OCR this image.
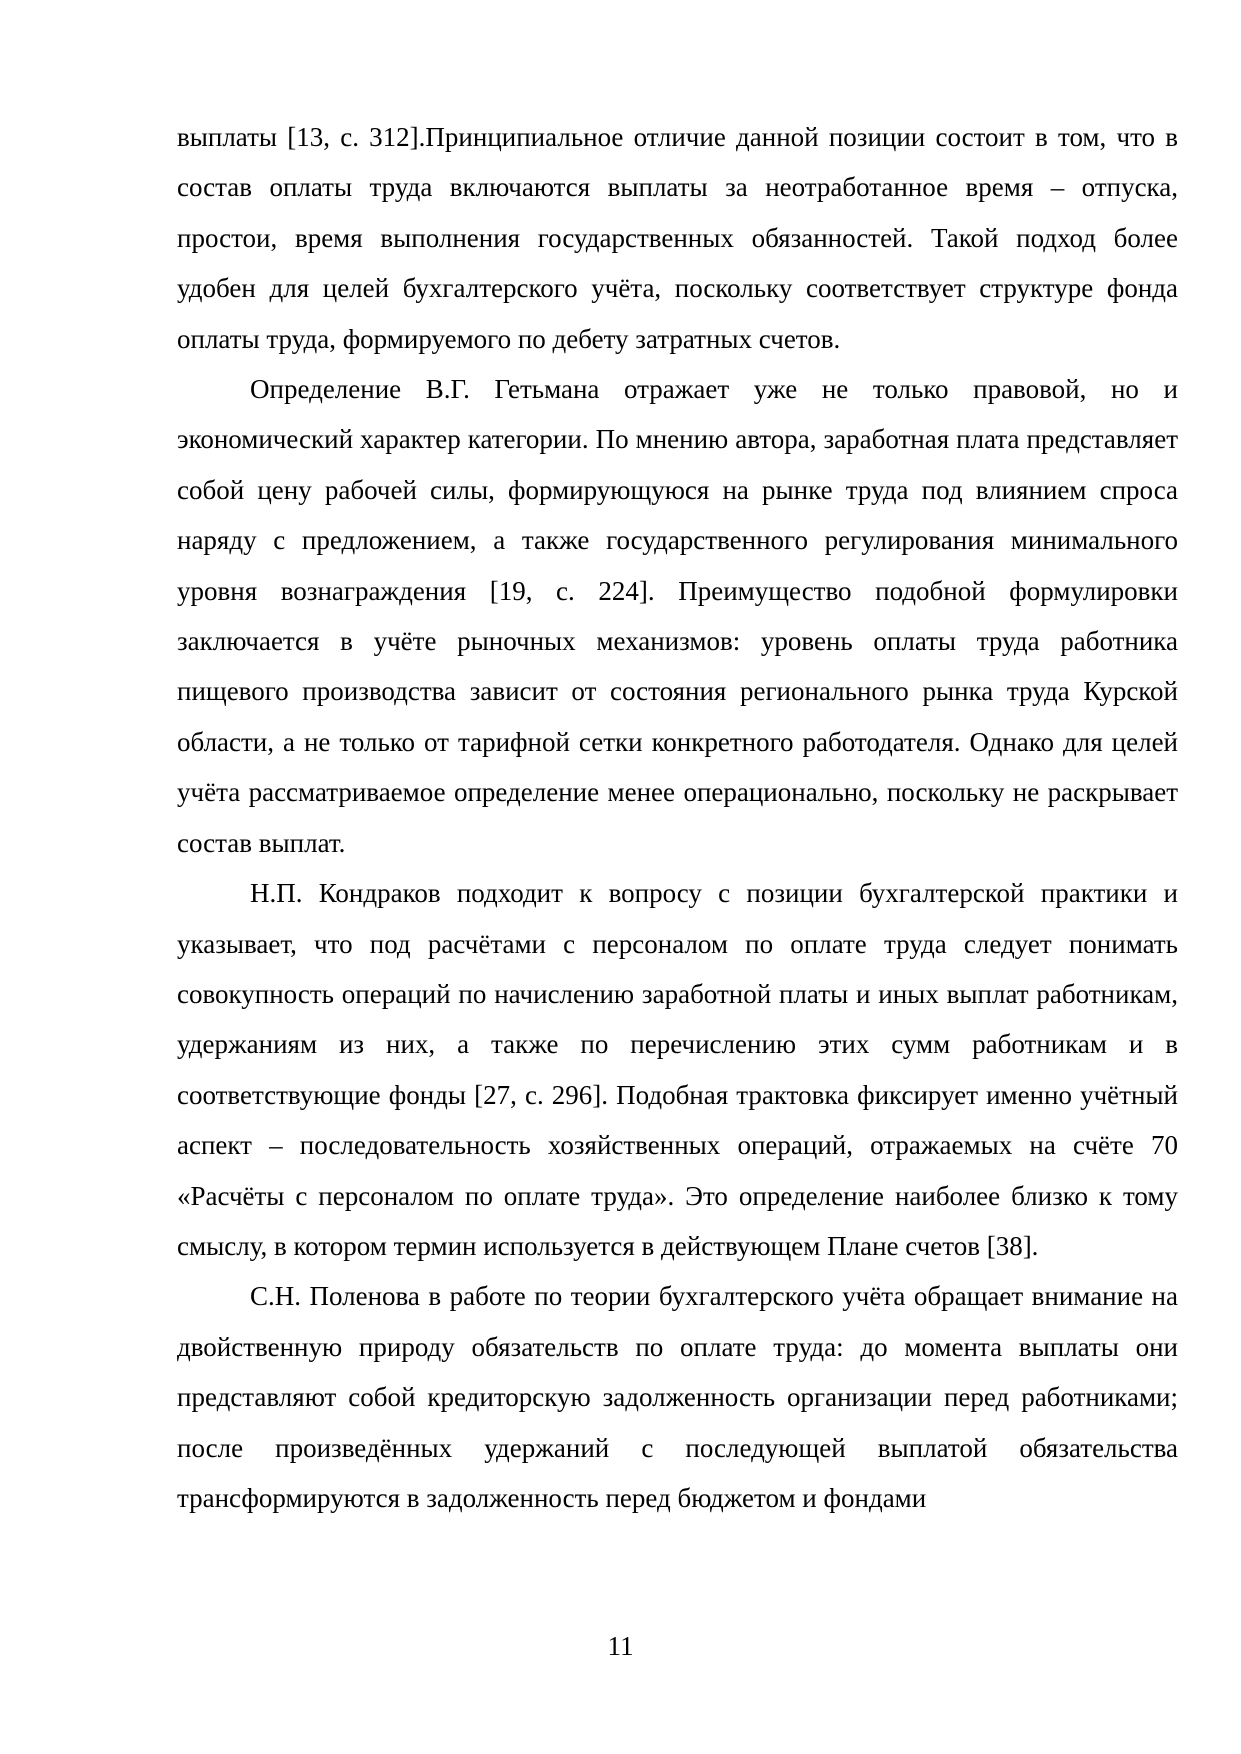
выплаты [13, с. 312].Принципиальное отличие данной позиции состоит в том, что в состав оплаты труда включаются выплаты за неотработанное время – отпуска, простои, время выполнения государственных обязанностей. Такой подход более удобен для целей бухгалтерского учёта, поскольку соответствует структуре фонда оплаты труда, формируемого по дебету затратных счетов.

Определение В.Г. Гетьмана отражает уже не только правовой, но и экономический характер категории. По мнению автора, заработная плата представляет собой цену рабочей силы, формирующуюся на рынке труда под влиянием спроса наряду с предложением, а также государственного регулирования минимального уровня вознаграждения [19, с. 224]. Преимущество подобной формулировки заключается в учёте рыночных механизмов: уровень оплаты труда работника пищевого производства зависит от состояния регионального рынка труда Курской области, а не только от тарифной сетки конкретного работодателя. Однако для целей учёта рассматриваемое определение менее операционально, поскольку не раскрывает состав выплат.

Н.П. Кондраков подходит к вопросу с позиции бухгалтерской практики и указывает, что под расчётами с персоналом по оплате труда следует понимать совокупность операций по начислению заработной платы и иных выплат работникам, удержаниям из них, а также по перечислению этих сумм работникам и в соответствующие фонды [27, с. 296]. Подобная трактовка фиксирует именно учётный аспект – последовательность хозяйственных операций, отражаемых на счёте 70 «Расчёты с персоналом по оплате труда». Это определение наиболее близко к тому смыслу, в котором термин используется в действующем Плане счетов [38].

С.Н. Поленова в работе по теории бухгалтерского учёта обращает внимание на двойственную природу обязательств по оплате труда: до момента выплаты они представляют собой кредиторскую задолженность организации перед работниками; после произведённых удержаний с последующей выплатой обязательства трансформируются в задолженность перед бюджетом и фондами

11
